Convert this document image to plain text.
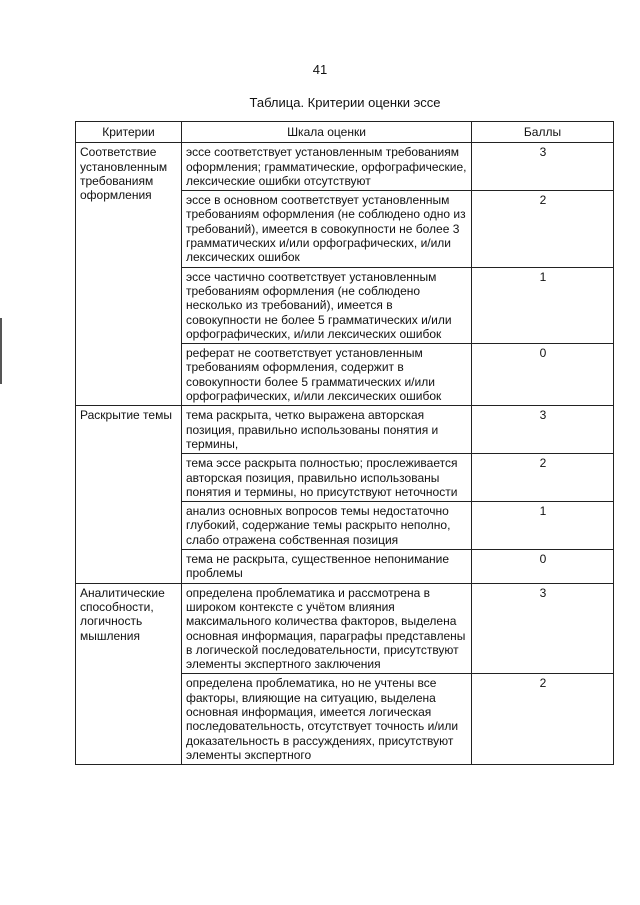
41
Таблица. Критерии оценки эссе
Критерии	Шкала оценки	Баллы
Соответствие установленным требованиям оформления	эссе соответствует установленным требованиям оформления; грамматические, орфографические, лексические ошибки отсутствуют	3
	эссе в основном соответствует установленным требованиям оформления (не соблюдено одно из требований), имеется в совокупности не более 3 грамматических и/или орфографических, и/или лексических ошибок	2
	эссе частично соответствует установленным требованиям оформления (не соблюдено несколько из требований), имеется в совокупности не более 5 грамматических и/или орфографических, и/или лексических ошибок	1
	реферат не соответствует установленным требованиям оформления, содержит в совокупности более 5 грамматических и/или орфографических, и/или лексических ошибок	0
Раскрытие темы	тема раскрыта, четко выражена авторская позиция, правильно использованы понятия и термины,	3
	тема эссе раскрыта полностью; прослеживается авторская позиция, правильно использованы понятия и термины, но присутствуют неточности	2
	анализ основных вопросов темы недостаточно глубокий, содержание темы раскрыто неполно, слабо отражена собственная позиция	1
	тема не раскрыта, существенное непонимание проблемы	0
Аналитические способности, логичность мышления	определена проблематика и рассмотрена в широком контексте с учётом влияния максимального количества факторов, выделена основная информация, параграфы представлены в логической последовательности, присутствуют элементы экспертного заключения	3
	определена проблематика, но не учтены все факторы, влияющие на ситуацию, выделена основная информация, имеется логическая последовательность, отсутствует точность и/или доказательность в рассуждениях, присутствуют элементы экспертного	2
